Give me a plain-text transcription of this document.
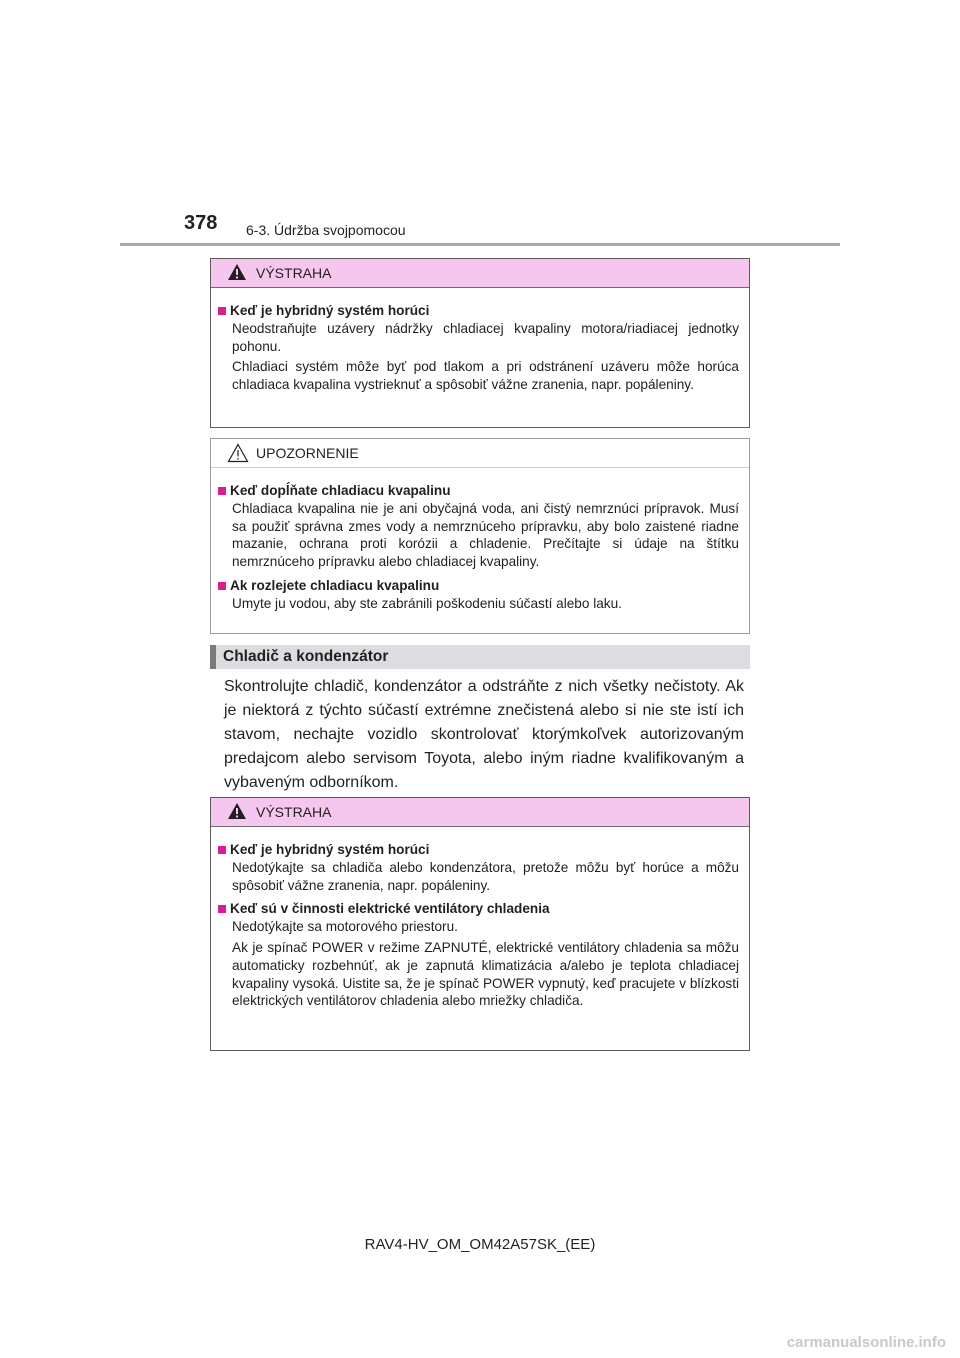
378 6-3. Údržba svojpomocou
VÝSTRAHA
Keď je hybridný systém horúci
Neodstraňujte uzávery nádržky chladiacej kvapaliny motora/riadiacej jednotky pohonu.
Chladiaci systém môže byť pod tlakom a pri odstránení uzáveru môže horúca chladiaca kvapalina vystrieknuť a spôsobiť vážne zranenia, napr. popáleniny.
UPOZORNENIE
Keď dopĺňate chladiacu kvapalinu
Chladiaca kvapalina nie je ani obyčajná voda, ani čistý nemrznúci prípravok. Musí sa použiť správna zmes vody a nemrznúceho prípravku, aby bolo zaistené riadne mazanie, ochrana proti korózii a chladenie. Prečítajte si údaje na štítku nemrznúceho prípravku alebo chladiacej kvapaliny.
Ak rozlejete chladiacu kvapalinu
Umyte ju vodou, aby ste zabránili poškodeniu súčastí alebo laku.
Chladič a kondenzátor

Skontrolujte chladič, kondenzátor a odstráňte z nich všetky nečistoty. Ak je niektorá z týchto súčastí extrémne znečistená alebo si nie ste istí ich stavom, nechajte vozidlo skontrolovať ktorýmkoľvek autorizovaným predajcom alebo servisom Toyota, alebo iným riadne kvalifikovaným a vybaveným odborníkom.

VÝSTRAHA
Keď je hybridný systém horúci
Nedotýkajte sa chladiča alebo kondenzátora, pretože môžu byť horúce a môžu spôsobiť vážne zranenia, napr. popáleniny.
Keď sú v činnosti elektrické ventilátory chladenia
Nedotýkajte sa motorového priestoru.
Ak je spínač POWER v režime ZAPNUTÉ, elektrické ventilátory chladenia sa môžu automaticky rozbehnúť, ak je zapnutá klimatizácia a/alebo je teplota chladiacej kvapaliny vysoká. Uistite sa, že je spínač POWER vypnutý, keď pracujete v blízkosti elektrických ventilátorov chladenia alebo mriežky chladiča.
RAV4-HV_OM_OM42A57SK_(EE)
carmanualsonline.info
